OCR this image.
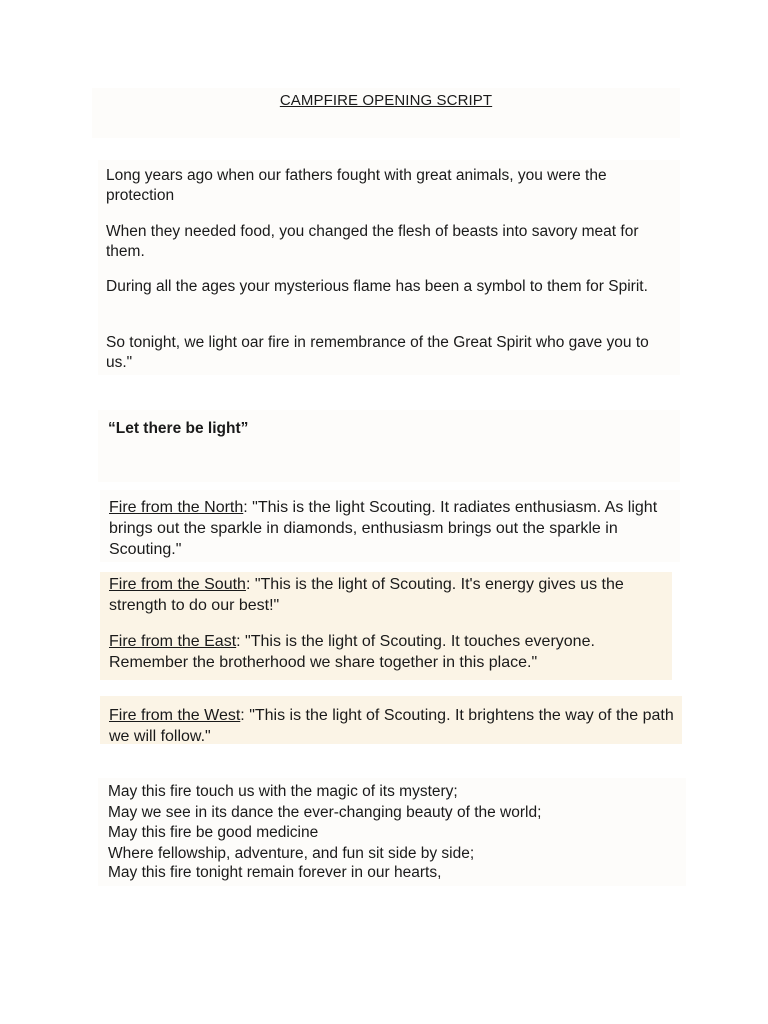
CAMPFIRE OPENING SCRIPT

Long years ago when our fathers fought with great animals, you were the protection

When they needed food, you changed the flesh of beasts into savory meat for them.

During all the ages your mysterious flame has been a symbol to them for Spirit.

So tonight, we light oar fire in remembrance of the Great Spirit who gave you to us."

“Let there be light”

Fire from the North: "This is the light Scouting. It radiates enthusiasm. As light brings out the sparkle in diamonds, enthusiasm brings out the sparkle in Scouting."

Fire from the South: "This is the light of Scouting. It's energy gives us the strength to do our best!"

Fire from the East: "This is the light of Scouting. It touches everyone. Remember the brotherhood we share together in this place."

Fire from the West: "This is the light of Scouting. It brightens the way of the path we will follow."

May this fire touch us with the magic of its mystery;

May we see in its dance the ever-changing beauty of the world;

May this fire be good medicine

Where fellowship, adventure, and fun sit side by side;

May this fire tonight remain forever in our hearts,
